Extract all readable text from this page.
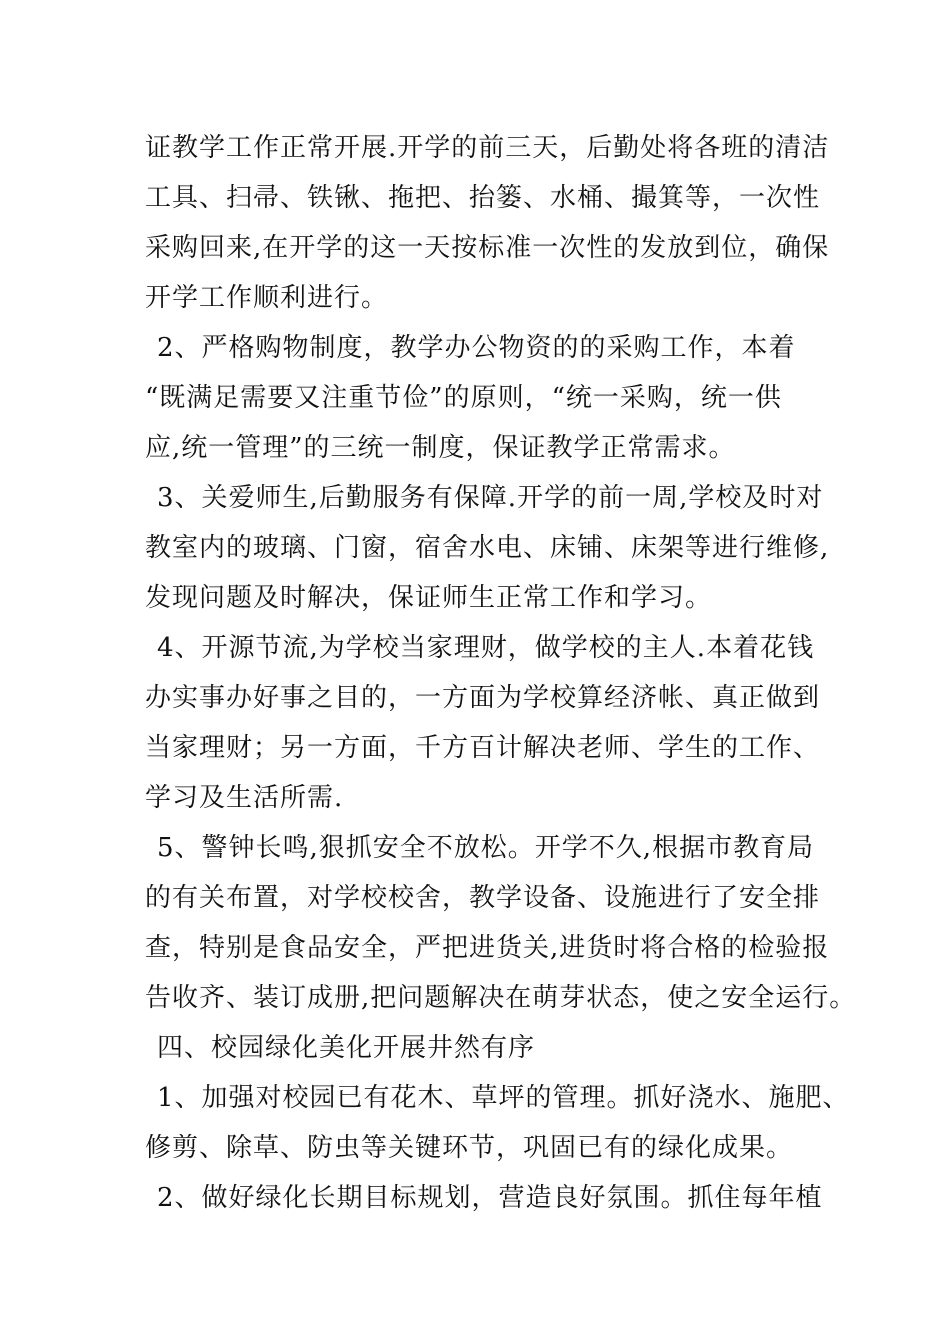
证教学工作正常开展.开学的前三天，后勤处将各班的清洁
工具、扫帚、铁锹、拖把、抬篓、水桶、撮箕等，一次性
采购回来,在开学的这一天按标准一次性的发放到位，确保
开学工作顺利进行。
2、严格购物制度，教学办公物资的的采购工作，本着
“既满足需要又注重节俭”的原则，“统一采购，统一供
应,统一管理”的三统一制度，保证教学正常需求。
3、关爱师生,后勤服务有保障.开学的前一周,学校及时对
教室内的玻璃、门窗，宿舍水电、床铺、床架等进行维修,
发现问题及时解决，保证师生正常工作和学习。
4、开源节流,为学校当家理财，做学校的主人.本着花钱
办实事办好事之目的，一方面为学校算经济帐、真正做到
当家理财；另一方面，千方百计解决老师、学生的工作、
学习及生活所需.
5、警钟长鸣,狠抓安全不放松。开学不久,根据市教育局
的有关布置，对学校校舍，教学设备、设施进行了安全排
查，特别是食品安全，严把进货关,进货时将合格的检验报
告收齐、装订成册,把问题解决在萌芽状态，使之安全运行。
四、校园绿化美化开展井然有序
1、加强对校园已有花木、草坪的管理。抓好浇水、施肥、
修剪、除草、防虫等关键环节，巩固已有的绿化成果。
2、做好绿化长期目标规划，营造良好氛围。抓住每年植
